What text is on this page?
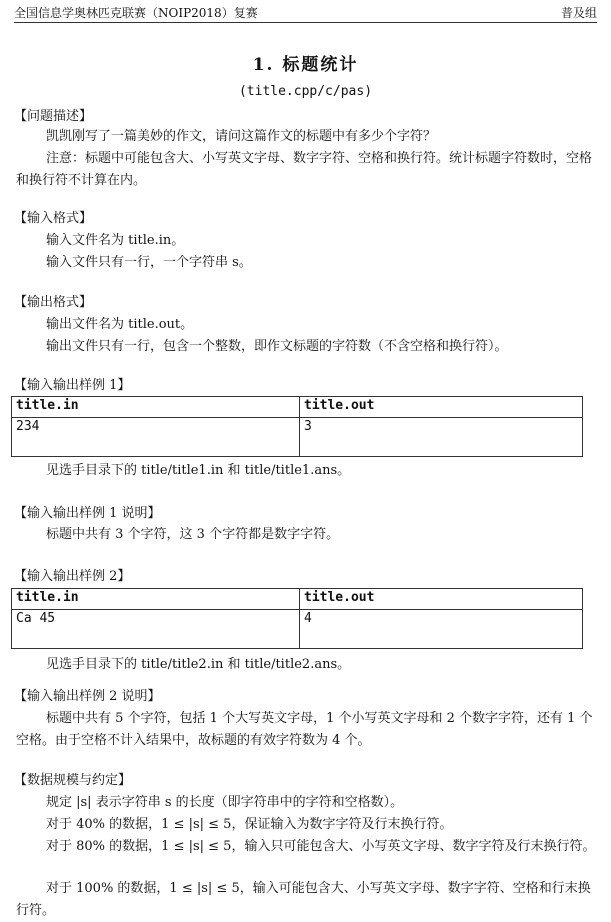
全国信息学奥林匹克联赛（NOIP2018）复赛	普及组
1. 标题统计
(title.cpp/c/pas)
【问题描述】
凯凯刚写了一篇美妙的作文，请问这篇作文的标题中有多少个字符？
注意：标题中可能包含大、小写英文字母、数字字符、空格和换行符。统计标题字符数时，空格和换行符不计算在内。
【输入格式】
输入文件名为 title.in。
输入文件只有一行，一个字符串 s。
【输出格式】
输出文件名为 title.out。
输出文件只有一行，包含一个整数，即作文标题的字符数（不含空格和换行符）。
【输入输出样例 1】
title.in	title.out
234	3
见选手目录下的 title/title1.in 和 title/title1.ans。
【输入输出样例 1 说明】
标题中共有 3 个字符，这 3 个字符都是数字字符。
【输入输出样例 2】
title.in	title.out
Ca 45	4
见选手目录下的 title/title2.in 和 title/title2.ans。
【输入输出样例 2 说明】
标题中共有 5 个字符，包括 1 个大写英文字母，1 个小写英文字母和 2 个数字字符，还有 1 个空格。由于空格不计入结果中，故标题的有效字符数为 4 个。
【数据规模与约定】
规定 |s| 表示字符串 s 的长度（即字符串中的字符和空格数）。
对于 40% 的数据，1 ≤ |s| ≤ 5，保证输入为数字字符及行末换行符。
对于 80% 的数据，1 ≤ |s| ≤ 5，输入只可能包含大、小写英文字母、数字字符及行末换行符。
对于 100% 的数据，1 ≤ |s| ≤ 5，输入可能包含大、小写英文字母、数字字符、空格和行末换行符。
